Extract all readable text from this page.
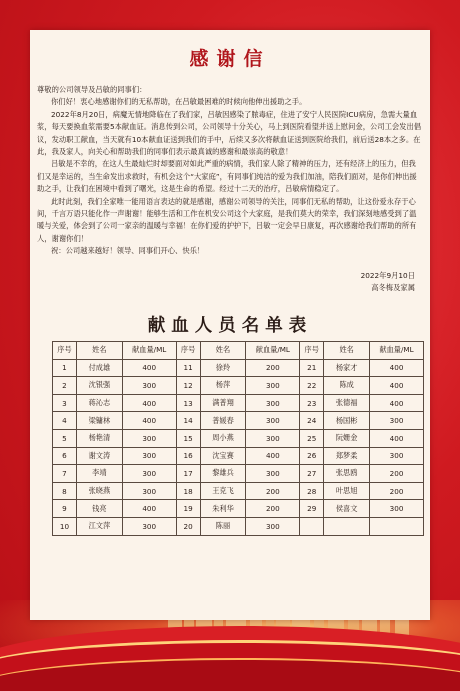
感谢信

尊敬的公司领导及吕敏的同事们：

你们好！衷心地感谢你们的无私帮助，在吕敏最困难的时候向他伸出援助之手。

2022年8月20日，病魔无情地降临在了我们家，吕敏因感染了脓毒症，住进了安宁人民医院ICU病房，急需大量血浆，每天要换血浆需要5本献血证。消息传到公司，公司领导十分关心，马上到医院看望并送上慰问金，公司工会发出倡议，发动职工献血，当天就有10本献血证送到我们的手中，后续又多次将献血证送到医院给我们，前后送28本之多。在此，我及家人，向关心和帮助我们的同事们表示最真诚的感谢和最崇高的敬意！

吕敏是不幸的，在这人生最灿烂时却要面对如此严重的病情，我们家人除了精神的压力，还有经济上的压力，但我们又是幸运的，当生命发出求救时，有机会这个“大家庭”，有同事们纯洁的爱为我们加油，陪我们面对，是你们伸出援助之手，让我们在困境中看到了曙光，这是生命的希望。经过十二天的治疗，吕敏病情稳定了。

此时此刻，我们全家唯一能用语言表达的就是感谢，感谢公司领导的关注，同事们无私的帮助，让这份爱永存于心间，千言万语只能化作一声谢谢！能够生活和工作在机安公司这个大家庭，是我们莫大的荣幸，我们深刻地感受到了温暖与关爱，体会到了公司一家亲的温暖与幸福！在你们爱的护护下，吕敏一定会早日康复，再次感谢给我们帮助的所有人，谢谢你们！

祝：公司越来越好！领导、同事们开心、快乐！

2022年9月10日

高冬梅及家属

献血人员名单表
序号	姓名	献血量/ML	序号	姓名	献血量/ML	序号	姓名	献血量/ML
1	付成雄	400	11	徐羚	200	21	杨家才	400
2	沈银强	300	12	杨萍	300	22	陈成	400
3	蒋沁志	400	13	满普翔	300	23	张德福	400
4	梁镛林	400	14	普媛春	300	24	杨国彬	300
5	杨艳清	300	15	周小燕	300	25	阮姗金	400
6	谢文涛	300	16	沈宝赛	400	26	郑梦柔	300
7	李靖	300	17	黎雄兵	300	27	张思鸥	200
8	张晓燕	300	18	王克飞	200	28	叶思旭	200
9	钱亮	400	19	朱利华	200	29	侯喜文	300
10	江文萍	300	20	陈丽	300			
